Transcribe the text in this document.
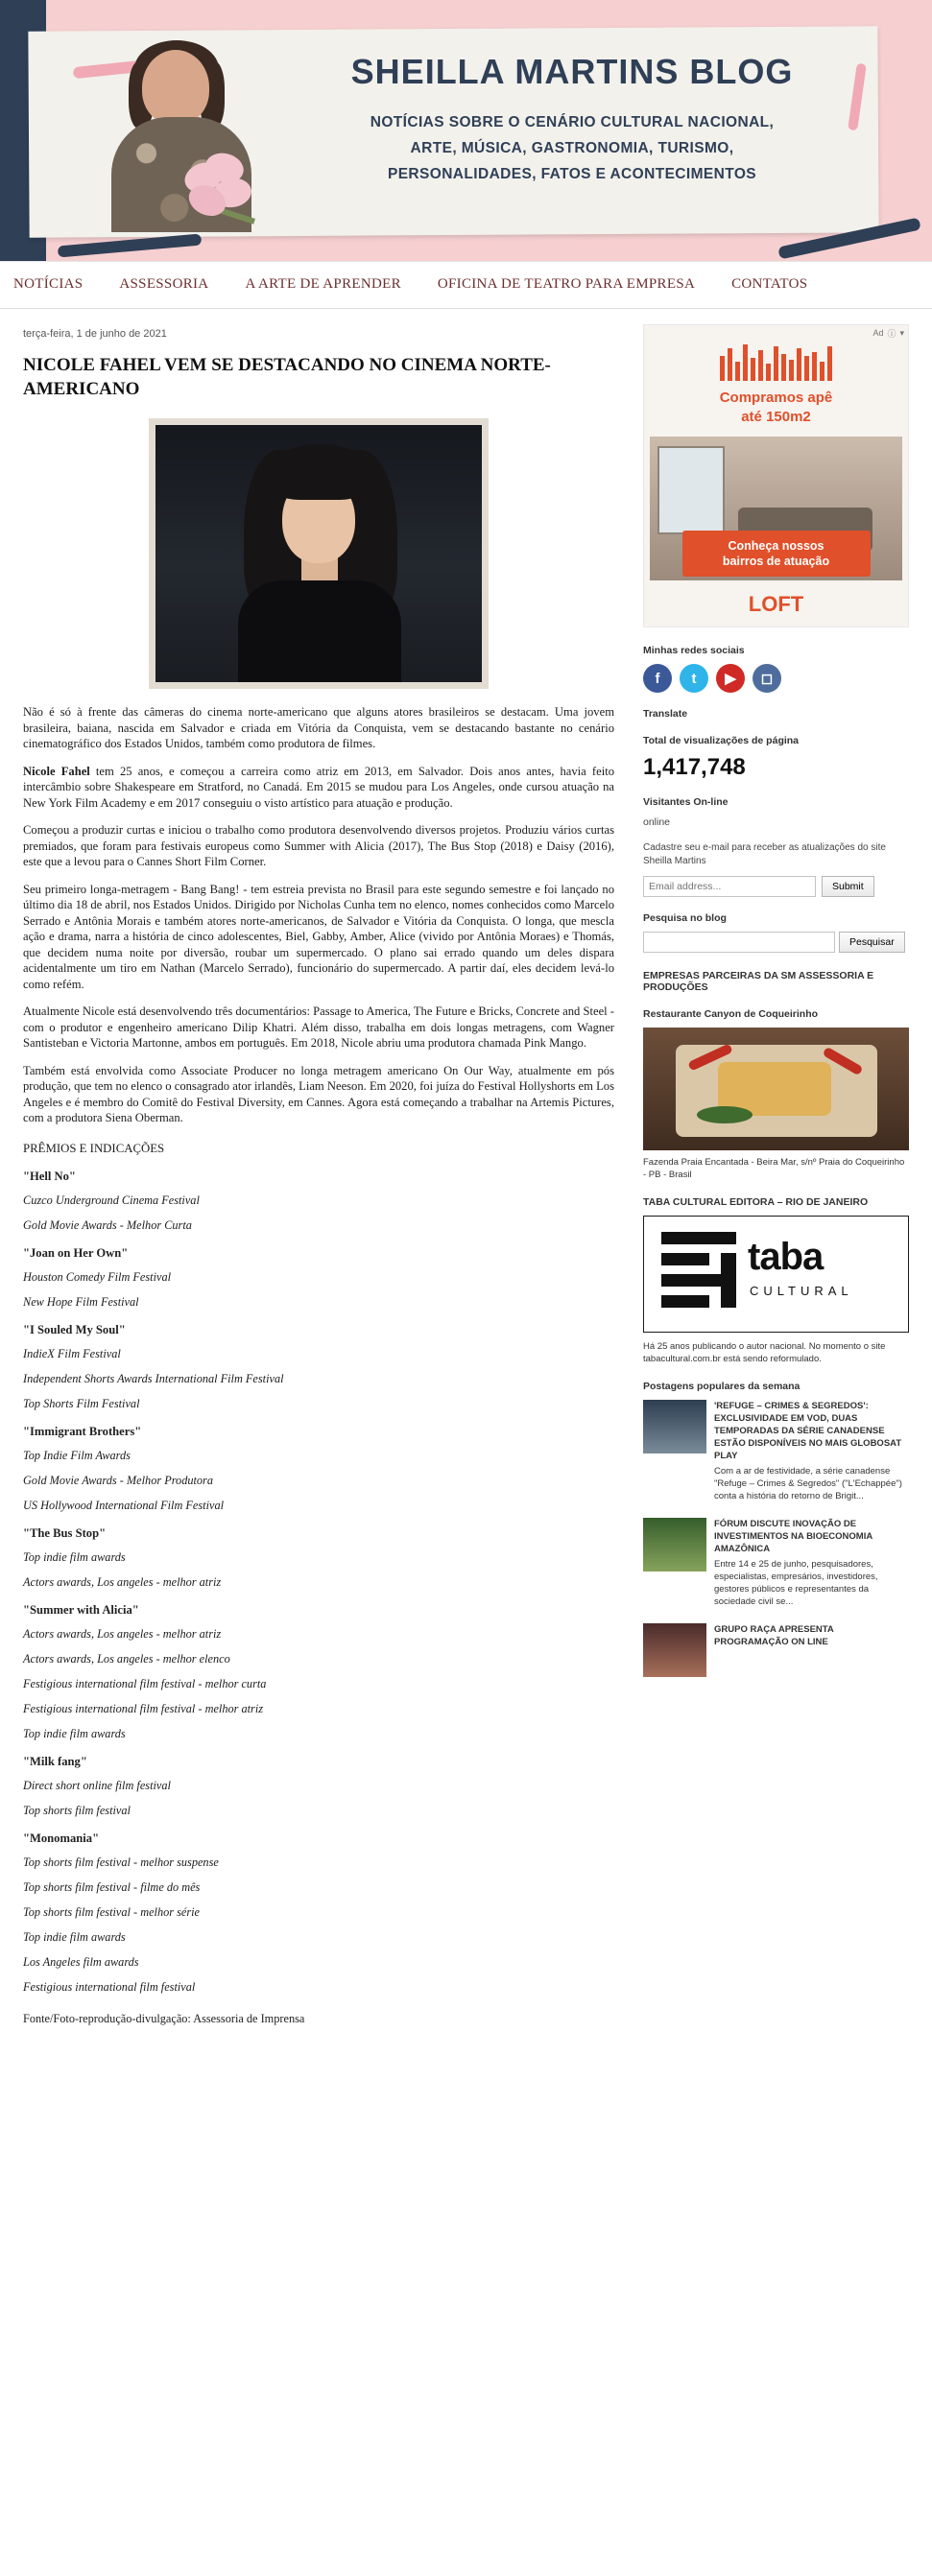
SHEILLA MARTINS BLOG
NOTÍCIAS SOBRE O CENÁRIO CULTURAL NACIONAL,
ARTE, MÚSICA, GASTRONOMIA, TURISMO,
PERSONALIDADES, FATOS E ACONTECIMENTOS
NOTÍCIAS	ASSESSORIA	A ARTE DE APRENDER	OFICINA DE TEATRO PARA EMPRESA	CONTATOS
terça-feira, 1 de junho de 2021
NICOLE FAHEL VEM SE DESTACANDO NO CINEMA NORTE-AMERICANO

Não é só à frente das câmeras do cinema norte-americano que alguns atores brasileiros se destacam. Uma jovem brasileira, baiana, nascida em Salvador e criada em Vitória da Conquista, vem se destacando bastante no cenário cinematográfico dos Estados Unidos, também como produtora de filmes.

Nicole Fahel tem 25 anos, e começou a carreira como atriz em 2013, em Salvador. Dois anos antes, havia feito intercâmbio sobre Shakespeare em Stratford, no Canadá. Em 2015 se mudou para Los Angeles, onde cursou atuação na New York Film Academy e em 2017 conseguiu o visto artístico para atuação e produção.

Começou a produzir curtas e iniciou o trabalho como produtora desenvolvendo diversos projetos. Produziu vários curtas premiados, que foram para festivais europeus como Summer with Alicia (2017), The Bus Stop (2018) e Daisy (2016), este que a levou para o Cannes Short Film Corner.

Seu primeiro longa-metragem - Bang Bang! - tem estreia prevista no Brasil para este segundo semestre e foi lançado no último dia 18 de abril, nos Estados Unidos. Dirigido por Nicholas Cunha tem no elenco, nomes conhecidos como Marcelo Serrado e Antônia Morais e também atores norte-americanos, de Salvador e Vitória da Conquista. O longa, que mescla ação e drama, narra a história de cinco adolescentes, Biel, Gabby, Amber, Alice (vivido por Antônia Moraes) e Thomás, que decidem numa noite por diversão, roubar um supermercado. O plano sai errado quando um deles dispara acidentalmente um tiro em Nathan (Marcelo Serrado), funcionário do supermercado. A partir daí, eles decidem levá-lo como refém.

Atualmente Nicole está desenvolvendo três documentários: Passage to America, The Future e Bricks, Concrete and Steel - com o produtor e engenheiro americano Dilip Khatri. Além disso, trabalha em dois longas metragens, com Wagner Santisteban e Victoria Martonne, ambos em português. Em 2018, Nicole abriu uma produtora chamada Pink Mango.

Também está envolvida como Associate Producer no longa metragem americano On Our Way, atualmente em pós produção, que tem no elenco o consagrado ator irlandês, Liam Neeson. Em 2020, foi juíza do Festival Hollyshorts em Los Angeles e é membro do Comitê do Festival Diversity, em Cannes. Agora está começando a trabalhar na Artemis Pictures, com a produtora Siena Oberman.

PRÊMIOS E INDICAÇÕES
"Hell No"
Cuzco Underground Cinema Festival
Gold Movie Awards - Melhor Curta
"Joan on Her Own"
Houston Comedy Film Festival
New Hope Film Festival
"I Souled My Soul"
IndieX Film Festival
Independent Shorts Awards International Film Festival
Top Shorts Film Festival
"Immigrant Brothers"
Top Indie Film Awards
Gold Movie Awards - Melhor Produtora
US Hollywood International Film Festival
"The Bus Stop"
Top indie film awards
Actors awards, Los angeles - melhor atriz
"Summer with Alicia"
Actors awards, Los angeles - melhor atriz
Actors awards, Los angeles - melhor elenco
Festigious international film festival - melhor curta
Festigious international film festival - melhor atriz
Top indie film awards
"Milk fang"
Direct short online film festival
Top shorts film festival
"Monomania"
Top shorts film festival - melhor suspense
Top shorts film festival - filme do mês
Top shorts film festival - melhor série
Top indie film awards
Los Angeles film awards
Festigious international film festival
Fonte/Foto-reprodução-divulgação: Assessoria de Imprensa
Ad ⓘ ▾
Compramos apê
até 150m2
Conheça nossos
bairros de atuação
LOFT
Minhas redes sociais
f	t	▶	◻
Translate
Total de visualizações de página
1,417,748
Visitantes On-line
online
Cadastre seu e-mail para receber as atualizações do site Sheilla Martins
Email address...
Submit
Pesquisa no blog
Pesquisar
EMPRESAS PARCEIRAS DA SM ASSESSORIA E PRODUÇÕES
Restaurante Canyon de Coqueirinho
Fazenda Praia Encantada - Beira Mar, s/nº Praia do Coqueirinho - PB - Brasil
TABA CULTURAL EDITORA – RIO DE JANEIRO
taba
CULTURAL
Há 25 anos publicando o autor nacional. No momento o site tabacultural.com.br está sendo reformulado.
Postagens populares da semana
'REFUGE – CRIMES & SEGREDOS': EXCLUSIVIDADE EM VOD, DUAS TEMPORADAS DA SÉRIE CANADENSE ESTÃO DISPONÍVEIS NO MAIS GLOBOSAT PLAY
Com a ar de festividade, a série canadense "Refuge – Crimes & Segredos" ("L'Echappée") conta a história do retorno de Brigit...
FÓRUM DISCUTE INOVAÇÃO DE INVESTIMENTOS NA BIOECONOMIA AMAZÔNICA
Entre 14 e 25 de junho, pesquisadores, especialistas, empresários, investidores, gestores públicos e representantes da sociedade civil se...
GRUPO RAÇA APRESENTA PROGRAMAÇÃO ON LINE
